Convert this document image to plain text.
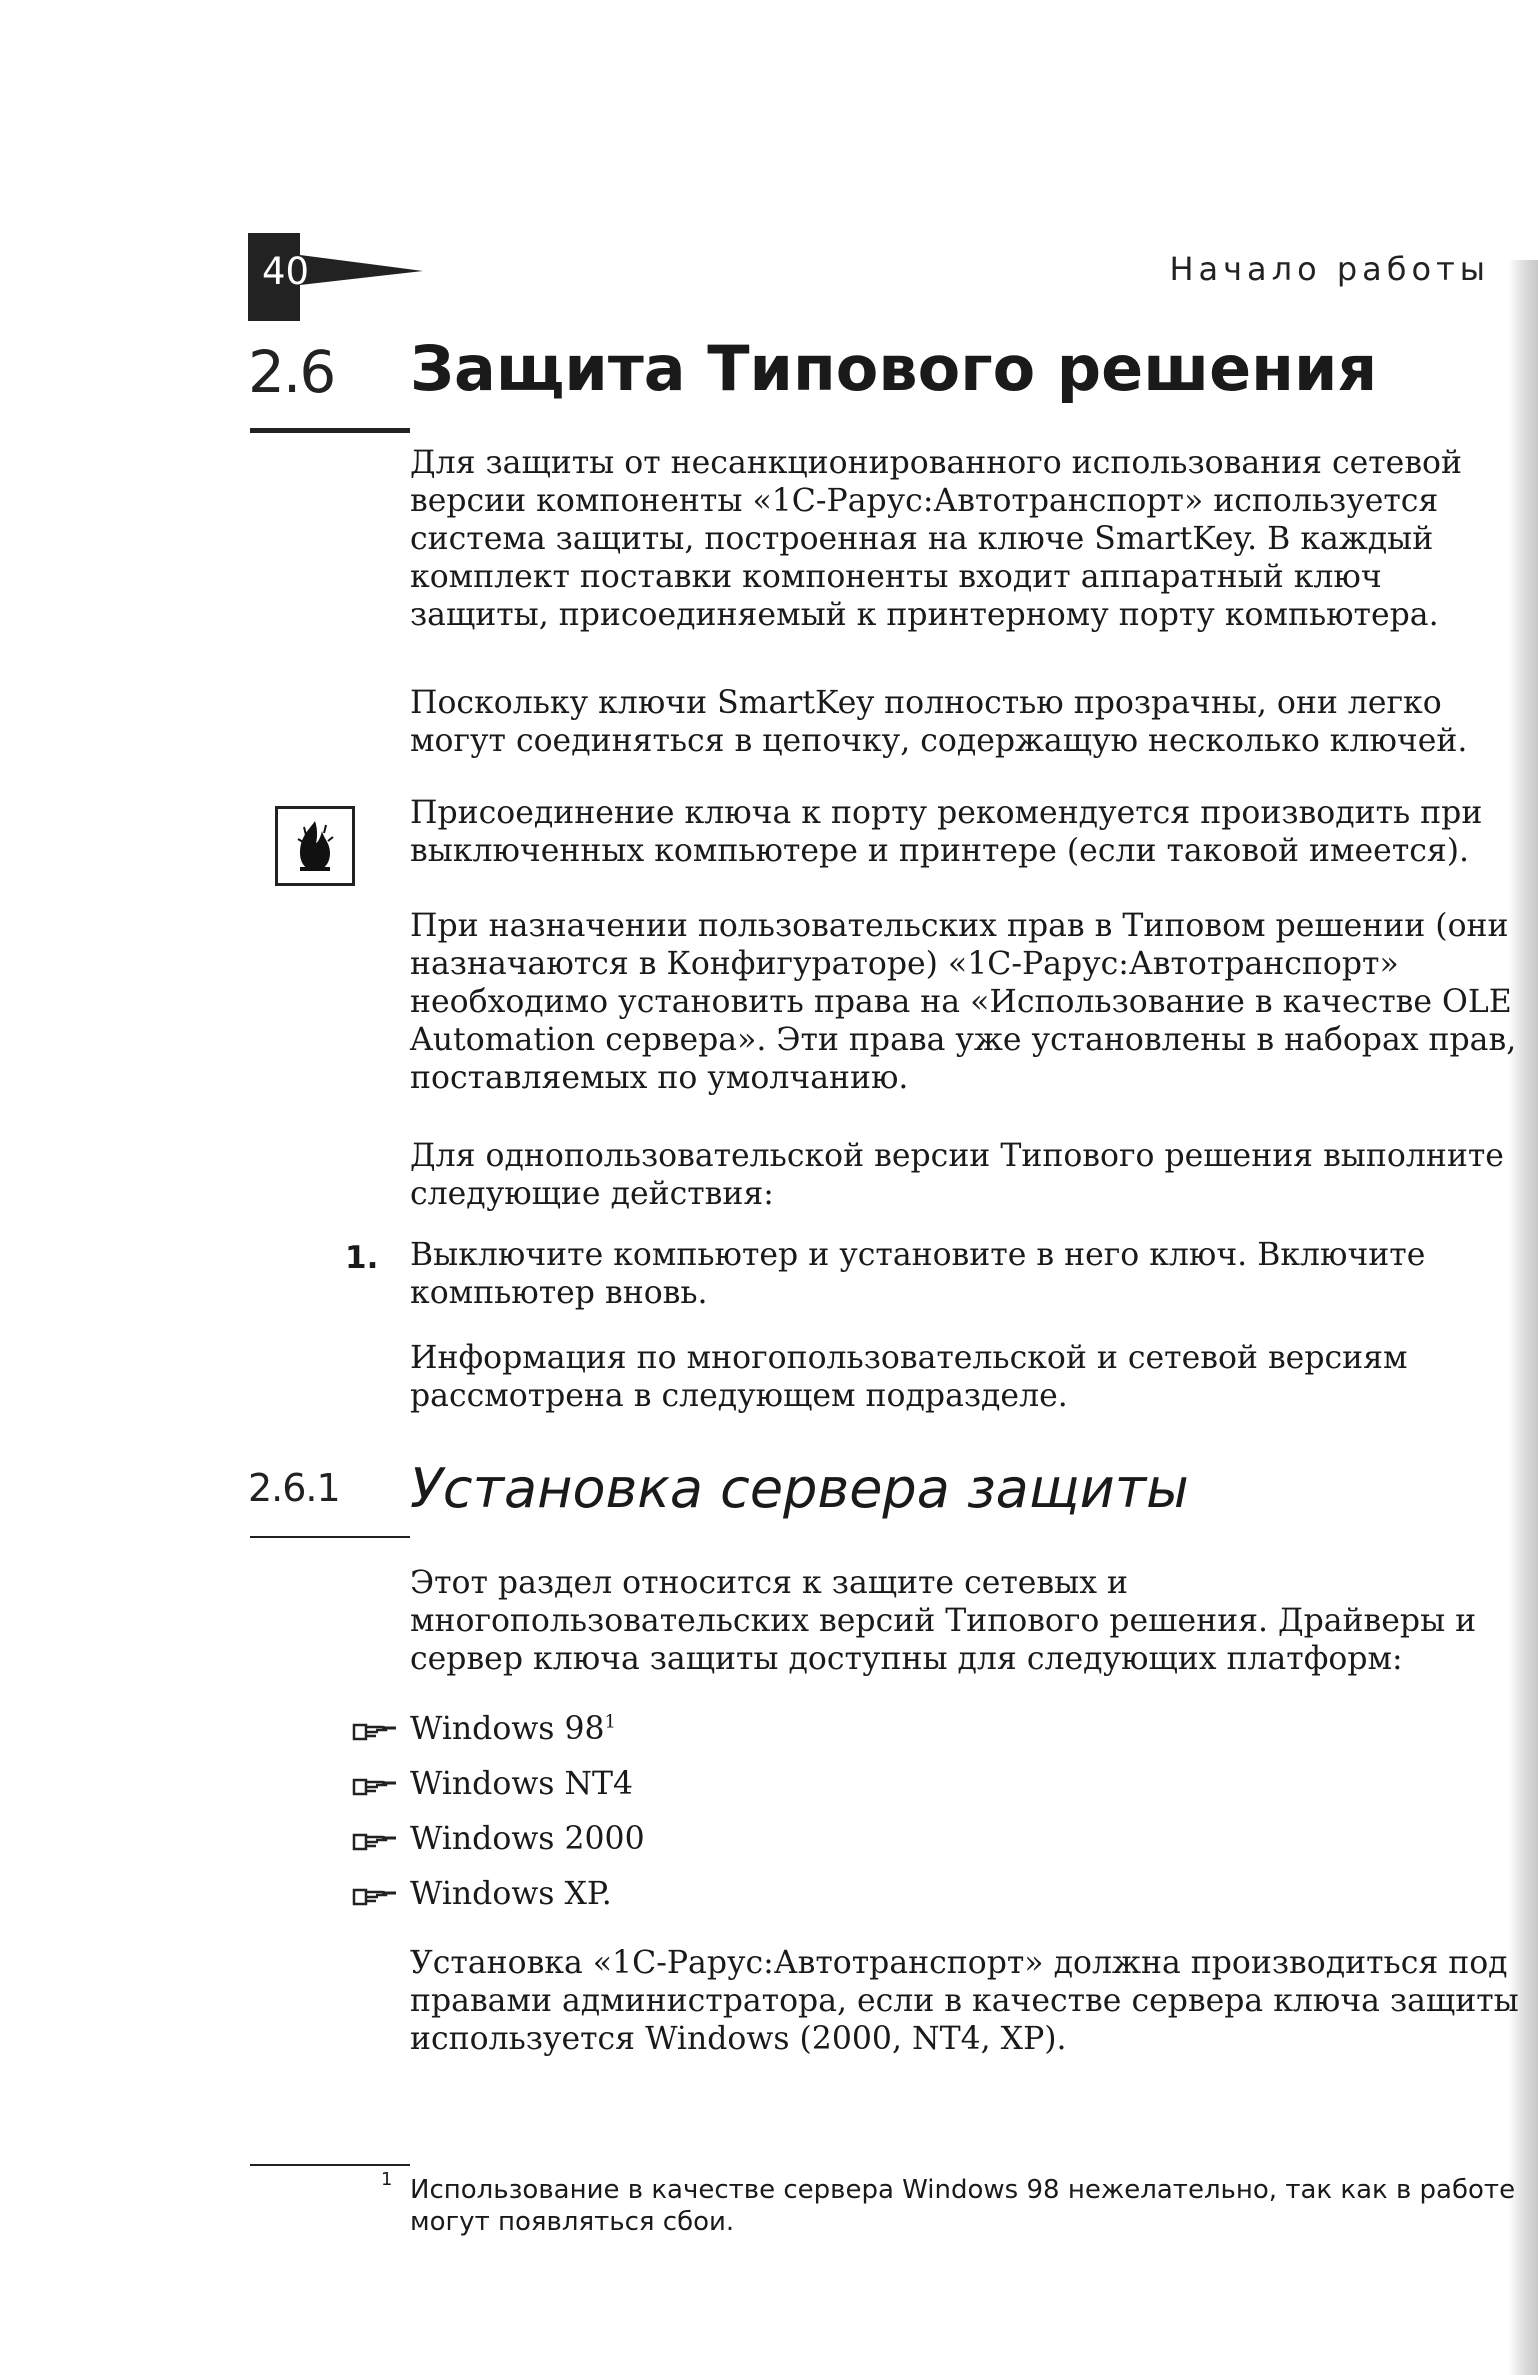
40	Начало работы
2.6 Защита Типового решения

Для защиты от несанкционированного использования сетевой версии компоненты «1С-Рарус:Автотранспорт» используется система защиты, построенная на ключе SmartKey. В каждый комплект поставки компоненты входит аппаратный ключ защиты, присоединяемый к принтерному порту компьютера.

Поскольку ключи SmartKey полностью прозрачны, они легко могут соединяться в цепочку, содержащую несколько ключей.

Присоединение ключа к порту рекомендуется производить при выключенных компьютере и принтере (если таковой имеется).

При назначении пользовательских прав в Типовом решении (они назначаются в Конфигураторе) «1С-Рарус:Автотранспорт» необходимо установить права на «Использование в качестве OLE Automation сервера». Эти права уже установлены в наборах прав, поставляемых по умолчанию.

Для однопользовательской версии Типового решения выполните следующие действия:

1. Выключите компьютер и установите в него ключ. Включите компьютер вновь.

Информация по многопользовательской и сетевой версиям рассмотрена в следующем подразделе.

2.6.1 Установка сервера защиты

Этот раздел относится к защите сетевых и многопользовательских версий Типового решения. Драйверы и сервер ключа защиты доступны для следующих платформ:

Windows $98^1$
Windows NT4
Windows 2000
Windows XP.

Установка «1С-Рарус:Автотранспорт» должна производиться под правами администратора, если в качестве сервера ключа защиты используется Windows (2000, NT4, XP).

1 Использование в качестве сервера Windows 98 нежелательно, так как в работе могут появляться сбои.
